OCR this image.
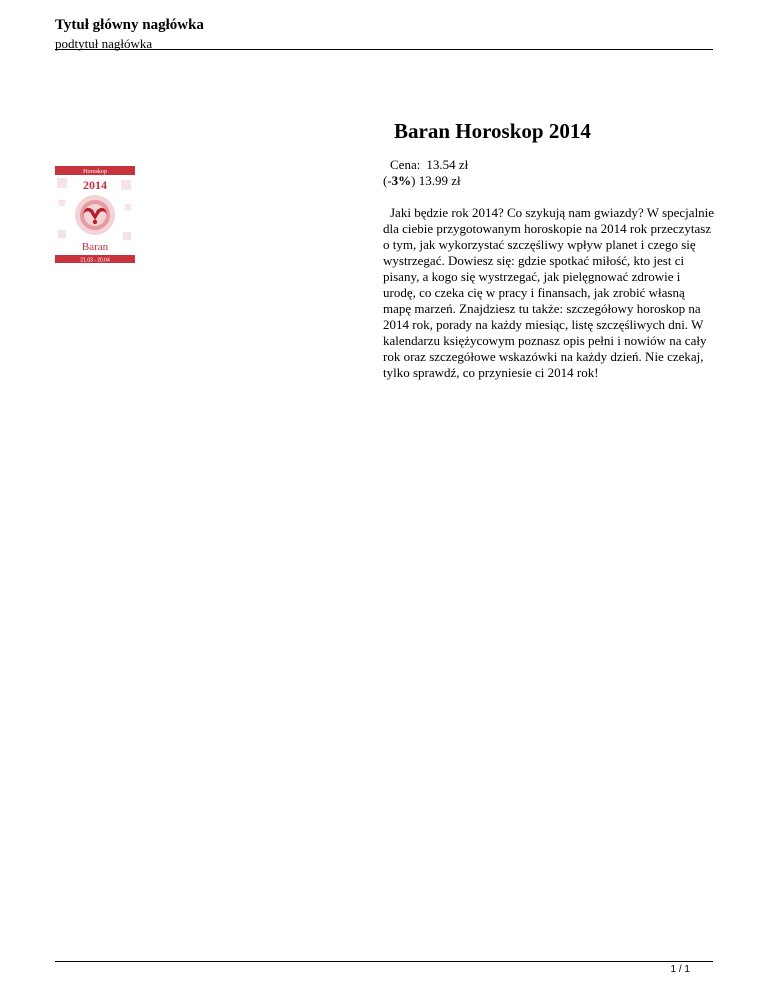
Tytuł główny nagłówka
podtytuł nagłówka
Horoskop
2014
Baran
21.03 - 20.04
Baran Horoskop 2014
Cena: 13.54 zł
(-3%) 13.99 zł

Jaki będzie rok 2014? Co szykują nam gwiazdy? W specjalnie dla ciebie przygotowanym horoskopie na 2014 rok przeczytasz o tym, jak wykorzystać szczęśliwy wpływ planet i czego się wystrzegać. Dowiesz się: gdzie spotkać miłość, kto jest ci pisany, a kogo się wystrzegać, jak pielęgnować zdrowie i urodę, co czeka cię w pracy i finansach, jak zrobić własną mapę marzeń. Znajdziesz tu także: szczegółowy horoskop na 2014 rok, porady na każdy miesiąc, listę szczęśliwych dni. W kalendarzu księżycowym poznasz opis pełni i nowiów na cały rok oraz szczegółowe wskazówki na każdy dzień. Nie czekaj, tylko sprawdź, co przyniesie ci 2014 rok!

1 / 1
